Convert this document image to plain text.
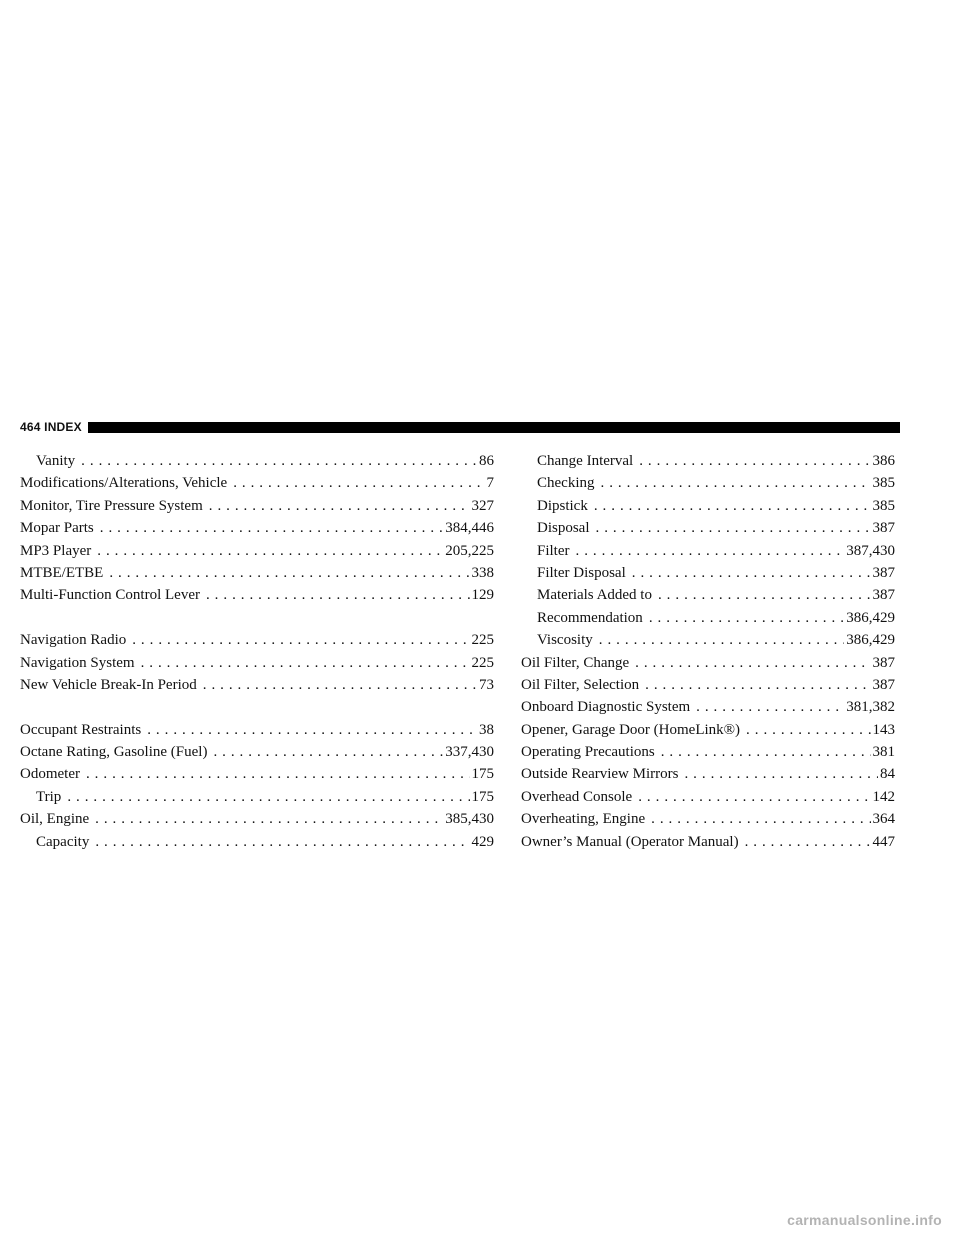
464 INDEX
Vanity . . .	86
Modifications/Alterations, Vehicle . . .	7
Monitor, Tire Pressure System . . .	327
Mopar Parts . . .	384,446
MP3 Player . . .	205,225
MTBE/ETBE . . .	338
Multi-Function Control Lever . . .	129
Navigation Radio . . .	225
Navigation System . . .	225
New Vehicle Break-In Period . . .	73
Occupant Restraints . . .	38
Octane Rating, Gasoline (Fuel) . . .	337,430
Odometer . . .	175
Trip . . .	175
Oil, Engine . . .	385,430
Capacity . . .	429
Change Interval . . .	386
Checking . . .	385
Dipstick . . .	385
Disposal . . .	387
Filter . . .	387,430
Filter Disposal . . .	387
Materials Added to . . .	387
Recommendation . . .	386,429
Viscosity . . .	386,429
Oil Filter, Change . . .	387
Oil Filter, Selection . . .	387
Onboard Diagnostic System . . .	381,382
Opener, Garage Door (HomeLink®) . . .	143
Operating Precautions . . .	381
Outside Rearview Mirrors . . .	84
Overhead Console . . .	142
Overheating, Engine . . .	364
Owner’s Manual (Operator Manual) . . .	447
carmanualsonline.info
